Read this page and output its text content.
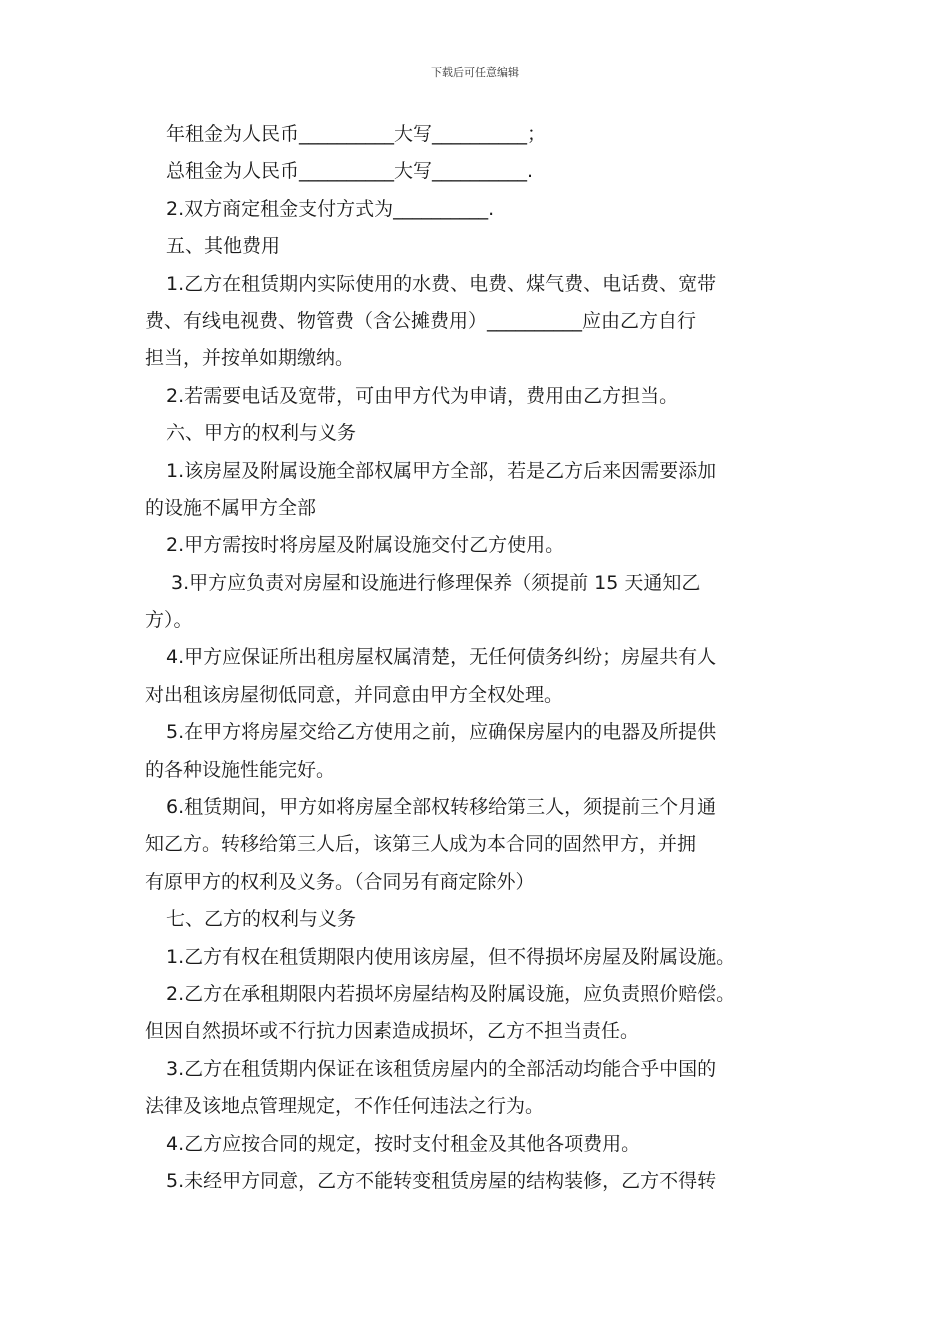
下载后可任意编辑
年租金为人民币__________大写__________；
总租金为人民币__________大写__________.
2.双方商定租金支付方式为__________.
五、其他费用
1.乙方在租赁期内实际使用的水费、电费、煤气费、电话费、宽带
费、有线电视费、物管费（含公摊费用）__________应由乙方自行
担当，并按单如期缴纳。
2.若需要电话及宽带，可由甲方代为申请，费用由乙方担当。
六、甲方的权利与义务
1.该房屋及附属设施全部权属甲方全部，若是乙方后来因需要添加
的设施不属甲方全部
2.甲方需按时将房屋及附属设施交付乙方使用。
3.甲方应负责对房屋和设施进行修理保养（须提前 15 天通知乙
方）。
4.甲方应保证所出租房屋权属清楚，无任何债务纠纷；房屋共有人
对出租该房屋彻低同意，并同意由甲方全权处理。
5.在甲方将房屋交给乙方使用之前，应确保房屋内的电器及所提供
的各种设施性能完好。
6.租赁期间，甲方如将房屋全部权转移给第三人，须提前三个月通
知乙方。转移给第三人后，该第三人成为本合同的固然甲方，并拥
有原甲方的权利及义务。（合同另有商定除外）
七、乙方的权利与义务
1.乙方有权在租赁期限内使用该房屋，但不得损坏房屋及附属设施。
2.乙方在承租期限内若损坏房屋结构及附属设施，应负责照价赔偿。
但因自然损坏或不行抗力因素造成损坏，乙方不担当责任。
3.乙方在租赁期内保证在该租赁房屋内的全部活动均能合乎中国的
法律及该地点管理规定，不作任何违法之行为。
4.乙方应按合同的规定，按时支付租金及其他各项费用。
5.未经甲方同意，乙方不能转变租赁房屋的结构装修，乙方不得转
